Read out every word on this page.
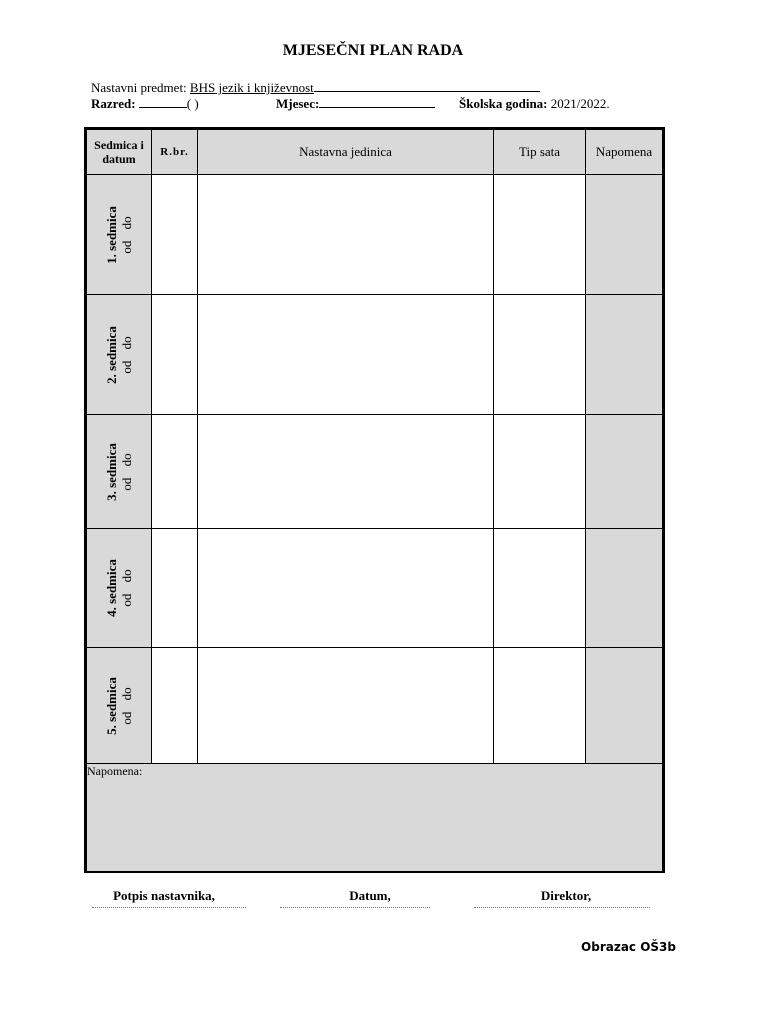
MJESEČNI PLAN RADA
Nastavni predmet: BHS jezik i književnost
Razred:	( )	Mjesec:	Školska godina: 2021/2022.
Sedmica i datum	R.br.	Nastavna jedinica	Tip sata	Napomena

1. sedmica od do				

2. sedmica od do				

3. sedmica od do				

4. sedmica od do				

5. sedmica od do				

Napomena:				
Potpis nastavnika,	Datum,	Direktor,
Obrazac OŠ3b
